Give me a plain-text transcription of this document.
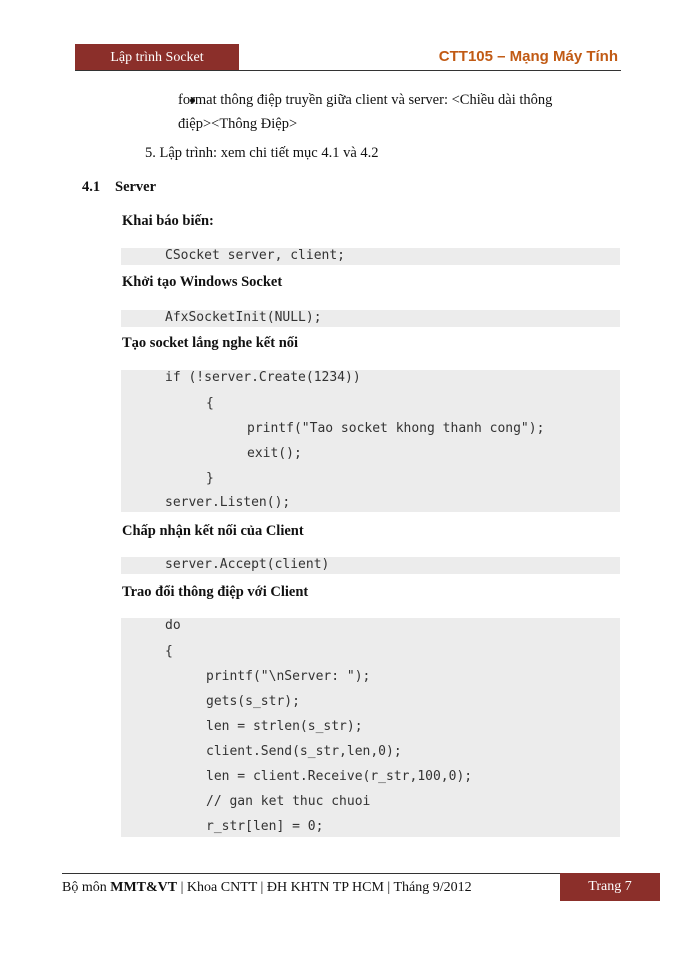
Lập trình Socket	CTT105 – Mạng Máy Tính
format thông điệp truyền giữa client và server: <Chiều dài thông
điệp><Thông Điệp>
5. Lập trình: xem chi tiết mục 4.1 và 4.2
4.1 Server
Khai báo biến:
CSocket server, client;
Khởi tạo Windows Socket
AfxSocketInit(NULL);
Tạo socket lắng nghe kết nối
if (!server.Create(1234))
{
printf("Tao socket khong thanh cong");
exit();
}
server.Listen();
Chấp nhận kết nối của Client
server.Accept(client)
Trao đổi thông điệp với Client
do
{
printf("\nServer: ");
gets(s_str);
len = strlen(s_str);
client.Send(s_str,len,0);
len = client.Receive(r_str,100,0);
// gan ket thuc chuoi
r_str[len] = 0;
Bộ môn MMT&VT | Khoa CNTT | ĐH KHTN TP HCM | Tháng 9/2012	Trang 7
